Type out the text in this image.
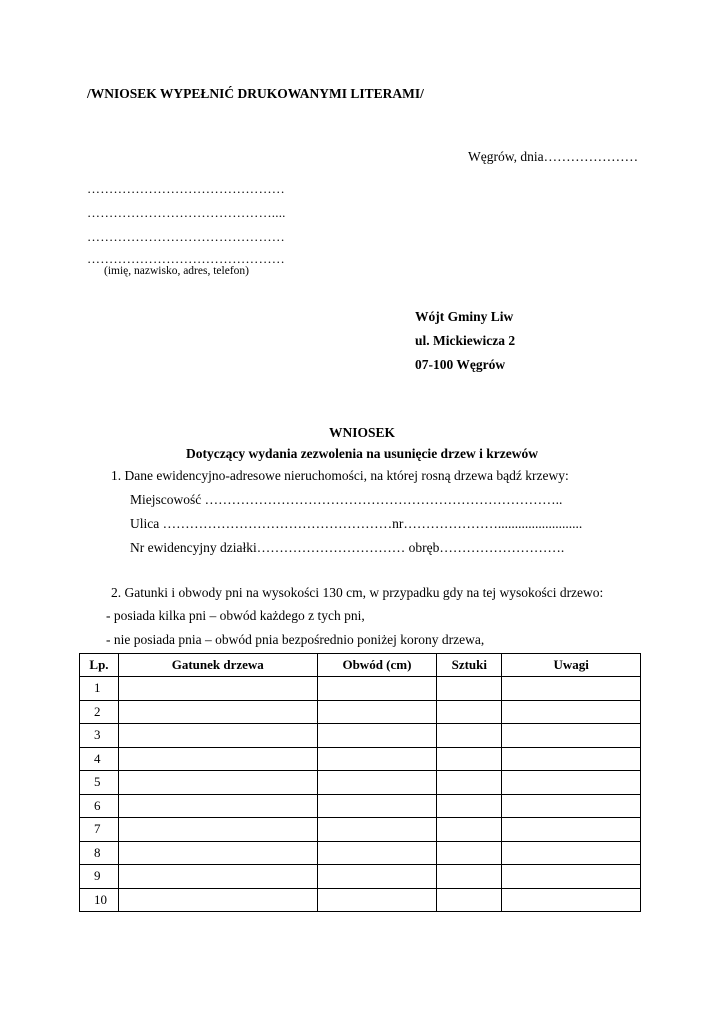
/WNIOSEK WYPEŁNIĆ DRUKOWANYMI LITERAMI/
Węgrów, dnia…………………
………………………………………
……………………………………....
………………………………………
………………………………………
(imię, nazwisko, adres, telefon)
Wójt Gminy Liw
ul. Mickiewicza 2
07-100 Węgrów
WNIOSEK
Dotyczący wydania zezwolenia na usunięcie drzew i krzewów
1. Dane ewidencyjno-adresowe nieruchomości, na której rosną drzewa bądź krzewy:
Miejscowość ……………………………………………………………………..
Ulica ……………………………………………nr………………….........................
Nr ewidencyjny działki…………………………… obręb……………………….
2. Gatunki i obwody pni na wysokości 130 cm, w przypadku gdy na tej wysokości drzewo:
- posiada kilka pni – obwód każdego z tych pni,
- nie posiada pnia – obwód pnia bezpośrednio poniżej korony drzewa,
Lp.	Gatunek drzewa	Obwód (cm)	Sztuki	Uwagi
1				
2				
3				
4				
5				
6				
7				
8				
9				
10				
